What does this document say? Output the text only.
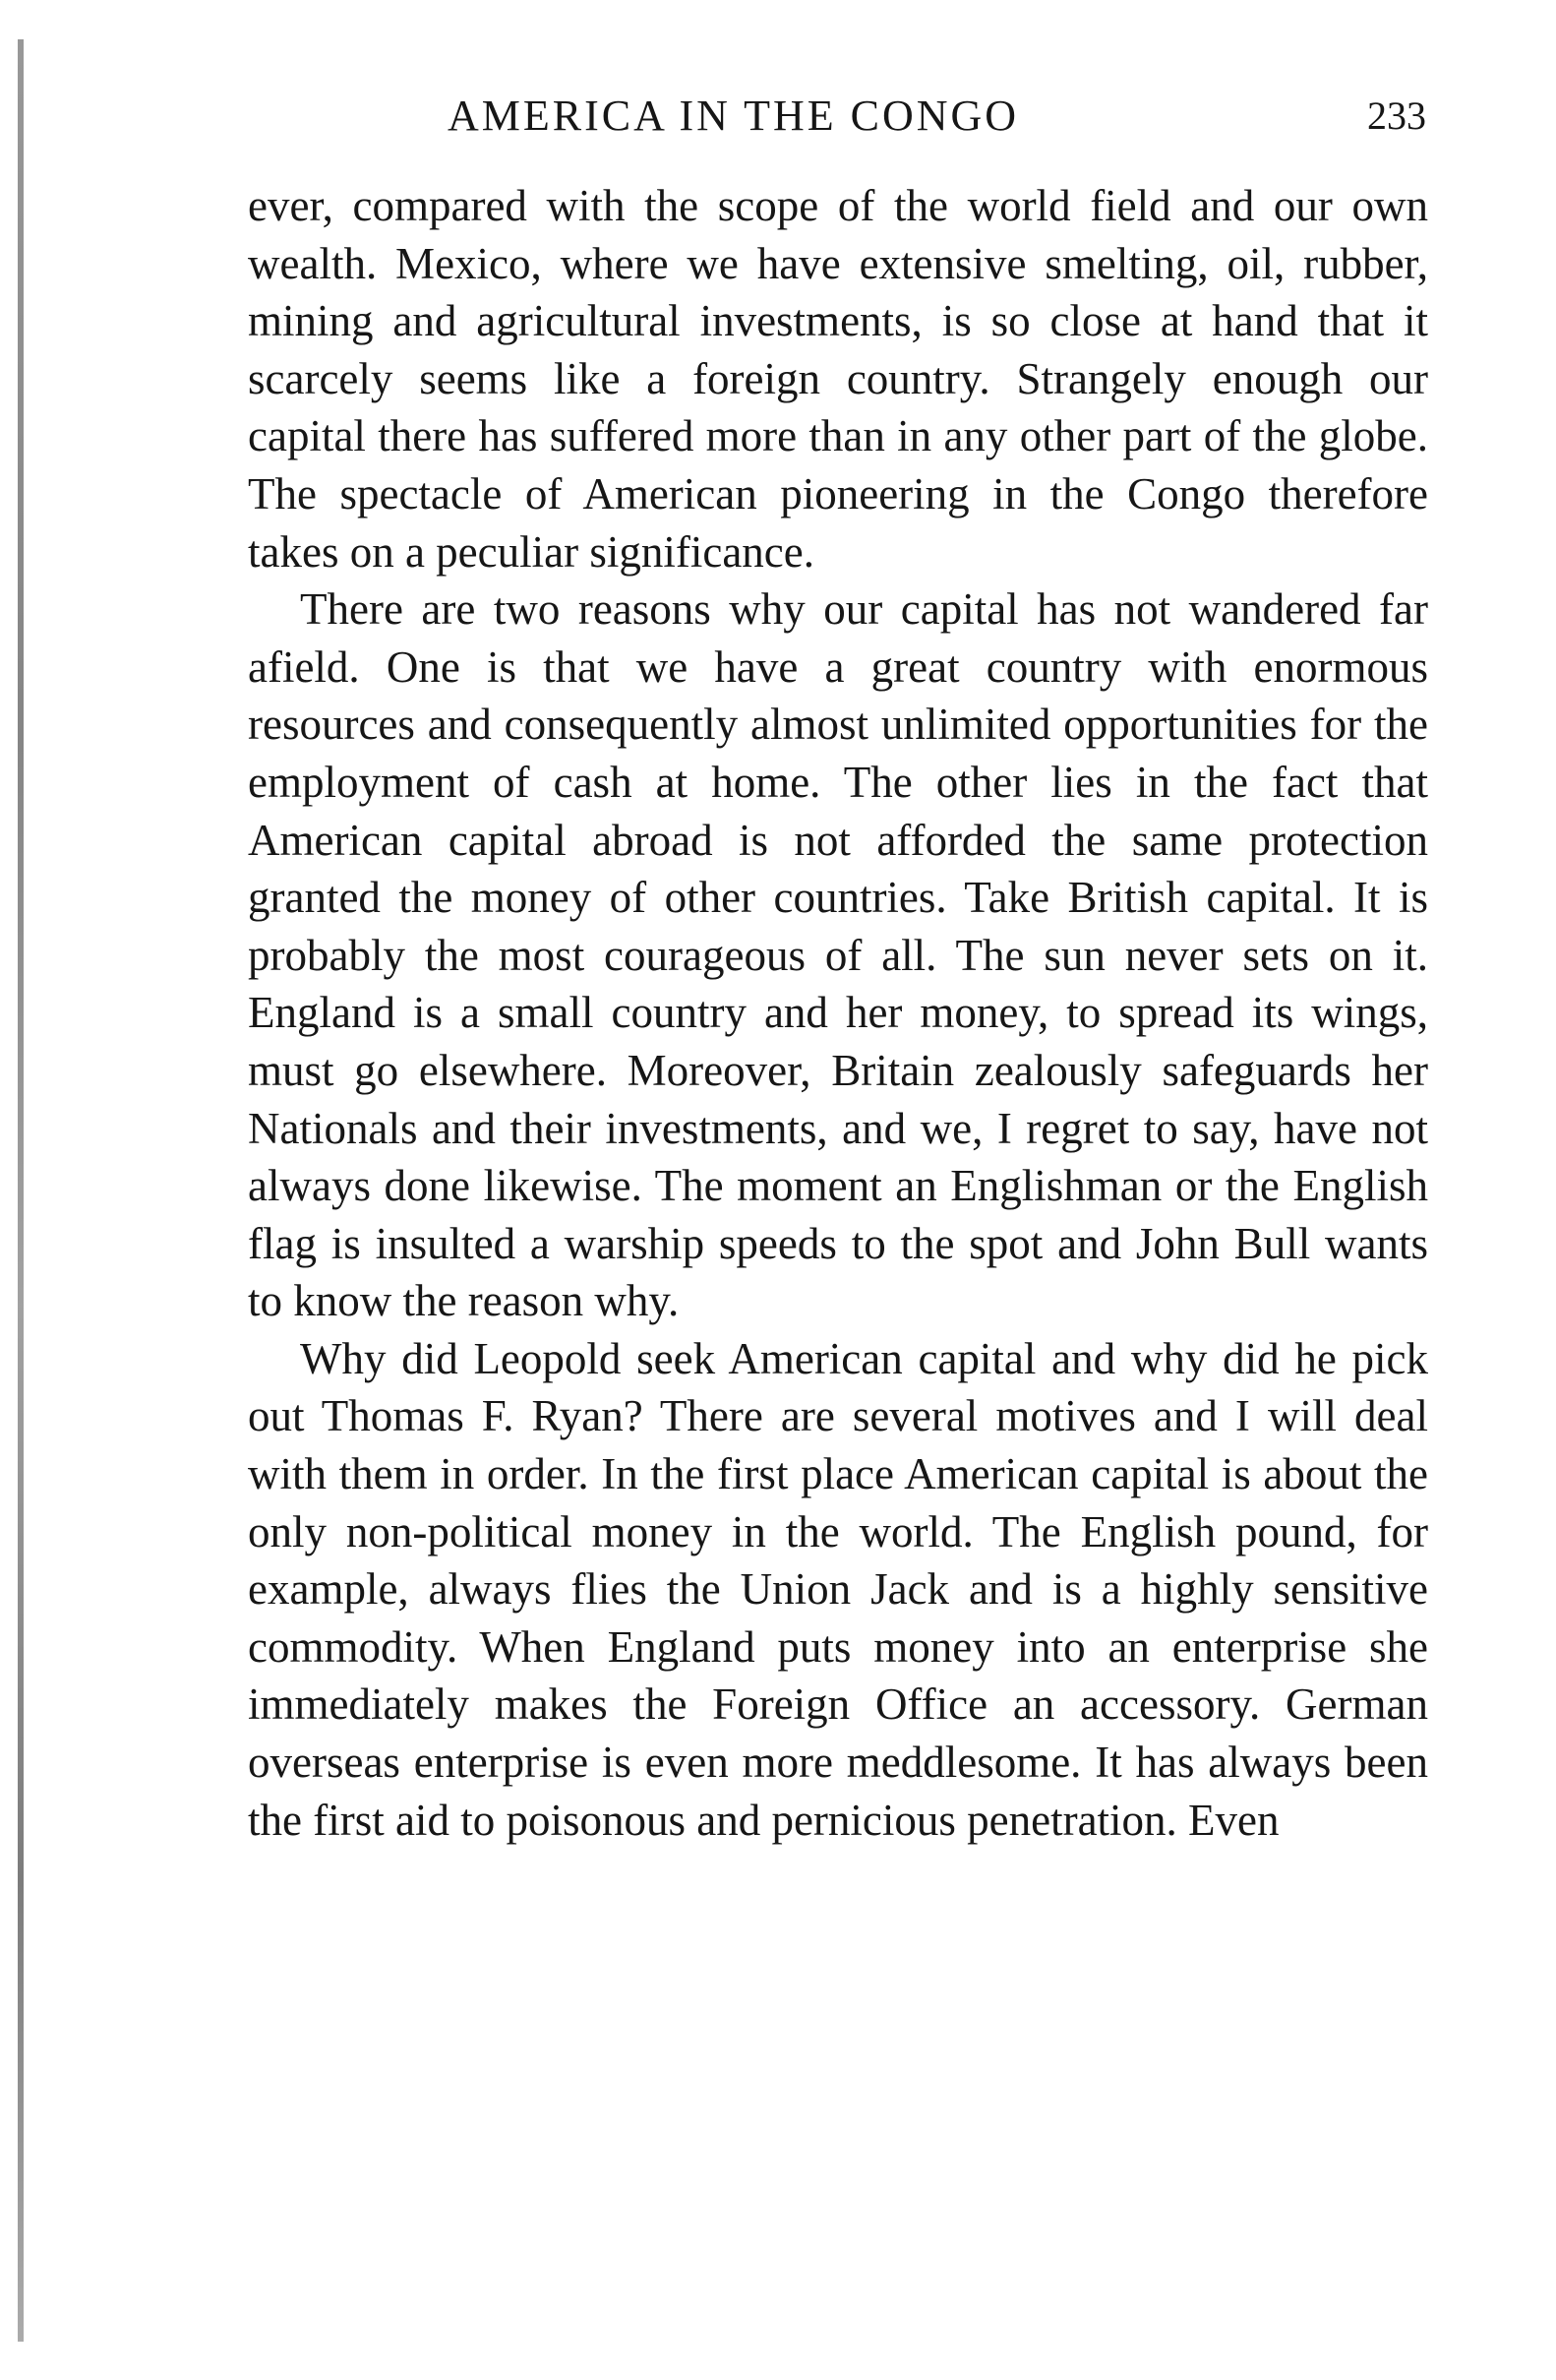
AMERICA IN THE CONGO	233

ever, compared with the scope of the world field and our own wealth. Mexico, where we have extensive smelting, oil, rubber, mining and agricultural investments, is so close at hand that it scarcely seems like a foreign country. Strangely enough our capital there has suffered more than in any other part of the globe. The spectacle of American pioneering in the Congo therefore takes on a peculiar significance.

There are two reasons why our capital has not wandered far afield. One is that we have a great country with enormous resources and consequently almost unlimited opportunities for the employment of cash at home. The other lies in the fact that American capital abroad is not afforded the same protection granted the money of other countries. Take British capital. It is probably the most courageous of all. The sun never sets on it. England is a small country and her money, to spread its wings, must go elsewhere. Moreover, Britain zealously safeguards her Nationals and their investments, and we, I regret to say, have not always done likewise. The moment an Englishman or the English flag is insulted a warship speeds to the spot and John Bull wants to know the reason why.

Why did Leopold seek American capital and why did he pick out Thomas F. Ryan? There are several motives and I will deal with them in order. In the first place American capital is about the only non-political money in the world. The English pound, for example, always flies the Union Jack and is a highly sensitive commodity. When England puts money into an enterprise she immediately makes the Foreign Office an accessory. German overseas enterprise is even more meddlesome. It has always been the first aid to poisonous and pernicious penetration. Even
